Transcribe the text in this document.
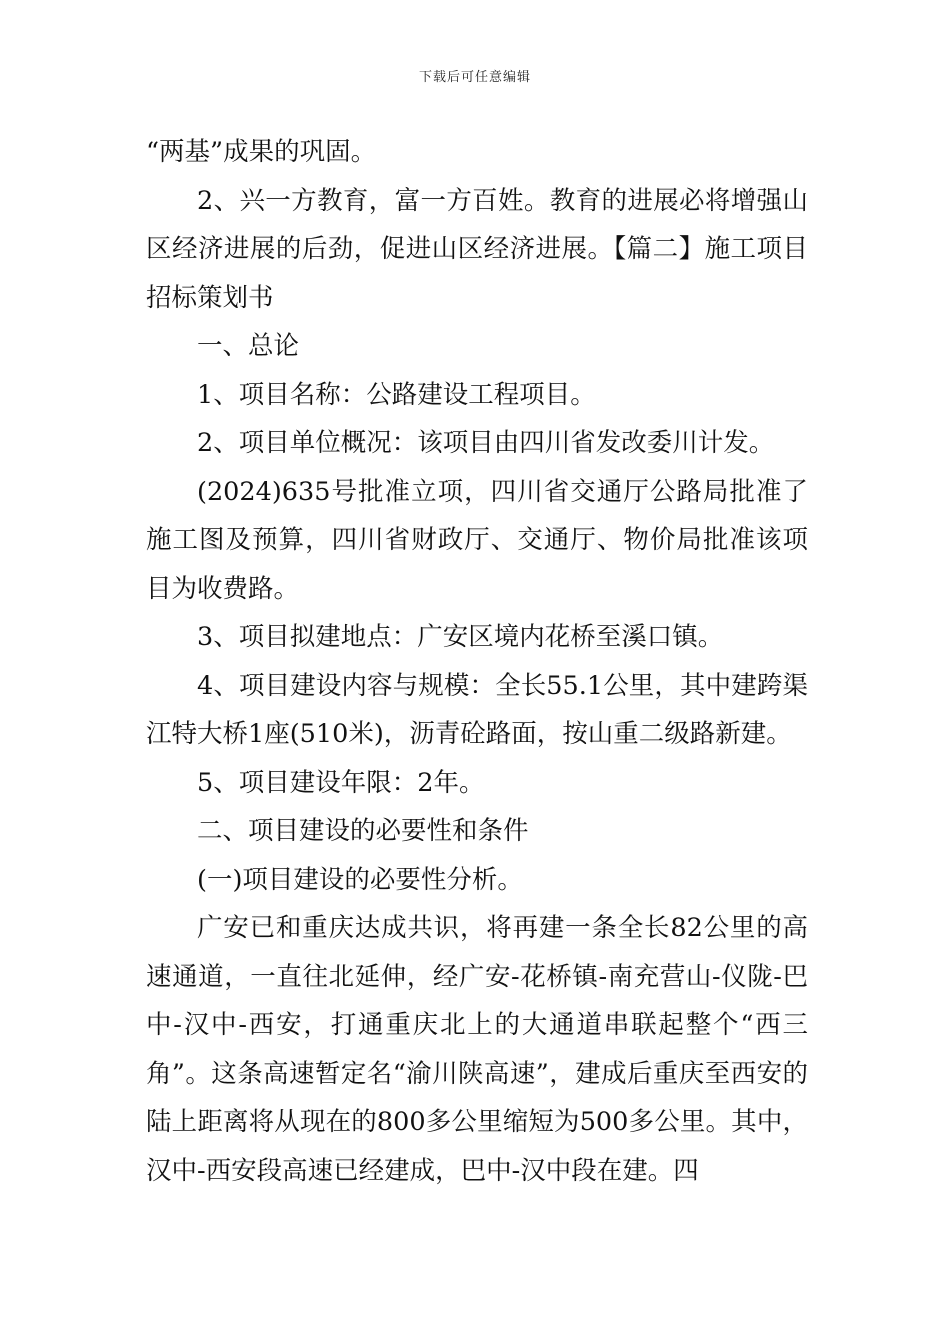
下载后可任意编辑

“两基”成果的巩固。

2、兴一方教育，富一方百姓。教育的进展必将增强山区经济进展的后劲，促进山区经济进展。【篇二】施工项目招标策划书

一、总论

1、项目名称：公路建设工程项目。

2、项目单位概况：该项目由四川省发改委川计发。

(2024)635号批准立项，四川省交通厅公路局批准了施工图及预算，四川省财政厅、交通厅、物价局批准该项目为收费路。

3、项目拟建地点：广安区境内花桥至溪口镇。

4、项目建设内容与规模：全长55.1公里，其中建跨渠江特大桥1座(510米)，沥青砼路面，按山重二级路新建。

5、项目建设年限：2年。

二、项目建设的必要性和条件

(一)项目建设的必要性分析。

广安已和重庆达成共识，将再建一条全长82公里的高速通道，一直往北延伸，经广安-花桥镇-南充营山-仪陇-巴中-汉中-西安，打通重庆北上的大通道串联起整个“西三角”。这条高速暂定名“渝川陕高速”，建成后重庆至西安的陆上距离将从现在的800多公里缩短为500多公里。其中，汉中-西安段高速已经建成，巴中-汉中段在建。四
